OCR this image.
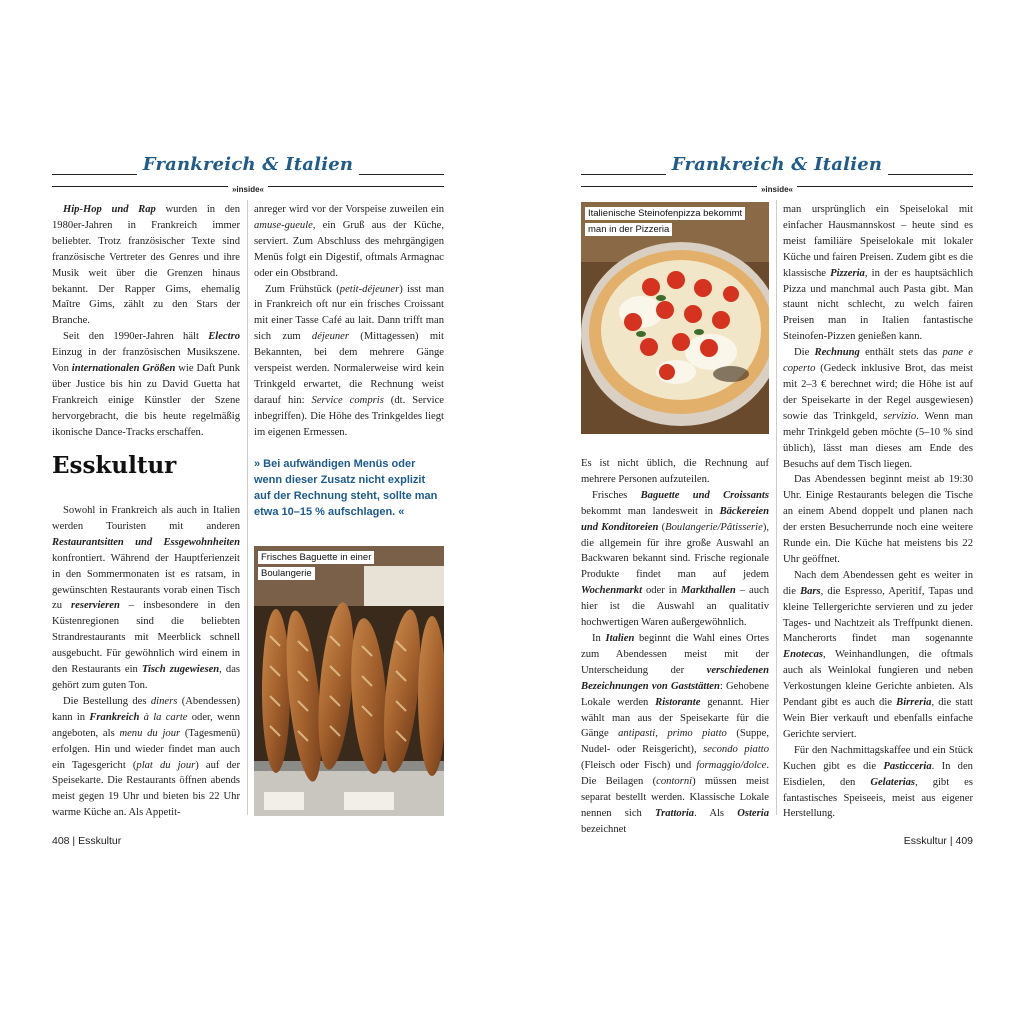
Frankreich & Italien
»inside«

Hip-Hop und Rap wurden in den 1980er-Jahren in Frankreich immer beliebter. Trotz französischer Texte sind französische Vertreter des Genres und ihre Musik weit über die Grenzen hinaus bekannt. Der Rapper Gims, ehemalig Maître Gims, zählt zu den Stars der Branche.

Seit den 1990er-Jahren hält Electro Einzug in der französischen Musikszene. Von internationalen Größen wie Daft Punk über Justice bis hin zu David Guetta hat Frankreich einige Künstler der Szene hervorgebracht, die bis heute regelmäßig ikonische Dance-Tracks erschaffen.

Esskultur

Sowohl in Frankreich als auch in Italien werden Touristen mit anderen Restaurantsitten und Essgewohnheiten konfrontiert. Während der Hauptferienzeit in den Sommermonaten ist es ratsam, in gewünschten Restaurants vorab einen Tisch zu reservieren – insbesondere in den Küstenregionen sind die beliebten Strandrestaurants mit Meerblick schnell ausgebucht. Für gewöhnlich wird einem in den Restaurants ein Tisch zugewiesen, das gehört zum guten Ton.

Die Bestellung des diners (Abendessen) kann in Frankreich à la carte oder, wenn angeboten, als menu du jour (Tagesmenü) erfolgen. Hin und wieder findet man auch ein Tagesgericht (plat du jour) auf der Speisekarte. Die Restaurants öffnen abends meist gegen 19 Uhr und bieten bis 22 Uhr warme Küche an. Als Appetit-

anreger wird vor der Vorspeise zuweilen ein amuse-gueule, ein Gruß aus der Küche, serviert. Zum Abschluss des mehrgängigen Menüs folgt ein Digestif, oftmals Armagnac oder ein Obstbrand.

Zum Frühstück (petit-déjeuner) isst man in Frankreich oft nur ein frisches Croissant mit einer Tasse Café au lait. Dann trifft man sich zum déjeuner (Mittagessen) mit Bekannten, bei dem mehrere Gänge verspeist werden. Normalerweise wird kein Trinkgeld erwartet, die Rechnung weist darauf hin: Service compris (dt. Service inbegriffen). Die Höhe des Trinkgeldes liegt im eigenen Ermessen.

» Bei aufwändigen Menüs oder wenn dieser Zusatz nicht explizit auf der Rechnung steht, sollte man etwa 10–15 % aufschlagen. «
Frisches Baguette in einer
Boulangerie
408 | Esskultur
Frankreich & Italien
»inside«
Italienische Steinofenpizza bekommt
man in der Pizzeria

Es ist nicht üblich, die Rechnung auf mehrere Personen aufzuteilen.

Frisches Baguette und Croissants bekommt man landesweit in Bäckereien und Konditoreien (Boulangerie/Pâtisserie), die allgemein für ihre große Auswahl an Backwaren bekannt sind. Frische regionale Produkte findet man auf jedem Wochenmarkt oder in Markthallen – auch hier ist die Auswahl an qualitativ hochwertigen Waren außergewöhnlich.

In Italien beginnt die Wahl eines Ortes zum Abendessen meist mit der Unterscheidung der verschiedenen Bezeichnungen von Gaststätten: Gehobene Lokale werden Ristorante genannt. Hier wählt man aus der Speisekarte für die Gänge antipasti, primo piatto (Suppe, Nudel- oder Reisgericht), secondo piatto (Fleisch oder Fisch) und formaggio/dolce. Die Beilagen (contorni) müssen meist separat bestellt werden. Klassische Lokale nennen sich Trattoria. Als Osteria bezeichnet

man ursprünglich ein Speiselokal mit einfacher Hausmannskost – heute sind es meist familiäre Speiselokale mit lokaler Küche und fairen Preisen. Zudem gibt es die klassische Pizzeria, in der es hauptsächlich Pizza und manchmal auch Pasta gibt. Man staunt nicht schlecht, zu welch fairen Preisen man in Italien fantastische Steinofen-Pizzen genießen kann.

Die Rechnung enthält stets das pane e coperto (Gedeck inklusive Brot, das meist mit 2–3 € berechnet wird; die Höhe ist auf der Speisekarte in der Regel ausgewiesen) sowie das Trinkgeld, servizio. Wenn man mehr Trinkgeld geben möchte (5–10 % sind üblich), lässt man dieses am Ende des Besuchs auf dem Tisch liegen.

Das Abendessen beginnt meist ab 19:30 Uhr. Einige Restaurants belegen die Tische an einem Abend doppelt und planen nach der ersten Besucherrunde noch eine weitere Runde ein. Die Küche hat meistens bis 22 Uhr geöffnet.

Nach dem Abendessen geht es weiter in die Bars, die Espresso, Aperitif, Tapas und kleine Tellergerichte servieren und zu jeder Tages- und Nachtzeit als Treffpunkt dienen. Mancherorts findet man sogenannte Enotecas, Weinhandlungen, die oftmals auch als Weinlokal fungieren und neben Verkostungen kleine Gerichte anbieten. Als Pendant gibt es auch die Birreria, die statt Wein Bier verkauft und ebenfalls einfache Gerichte serviert.

Für den Nachmittagskaffee und ein Stück Kuchen gibt es die Pasticceria. In den Eisdielen, den Gelaterias, gibt es fantastisches Speiseeis, meist aus eigener Herstellung.

Esskultur | 409
